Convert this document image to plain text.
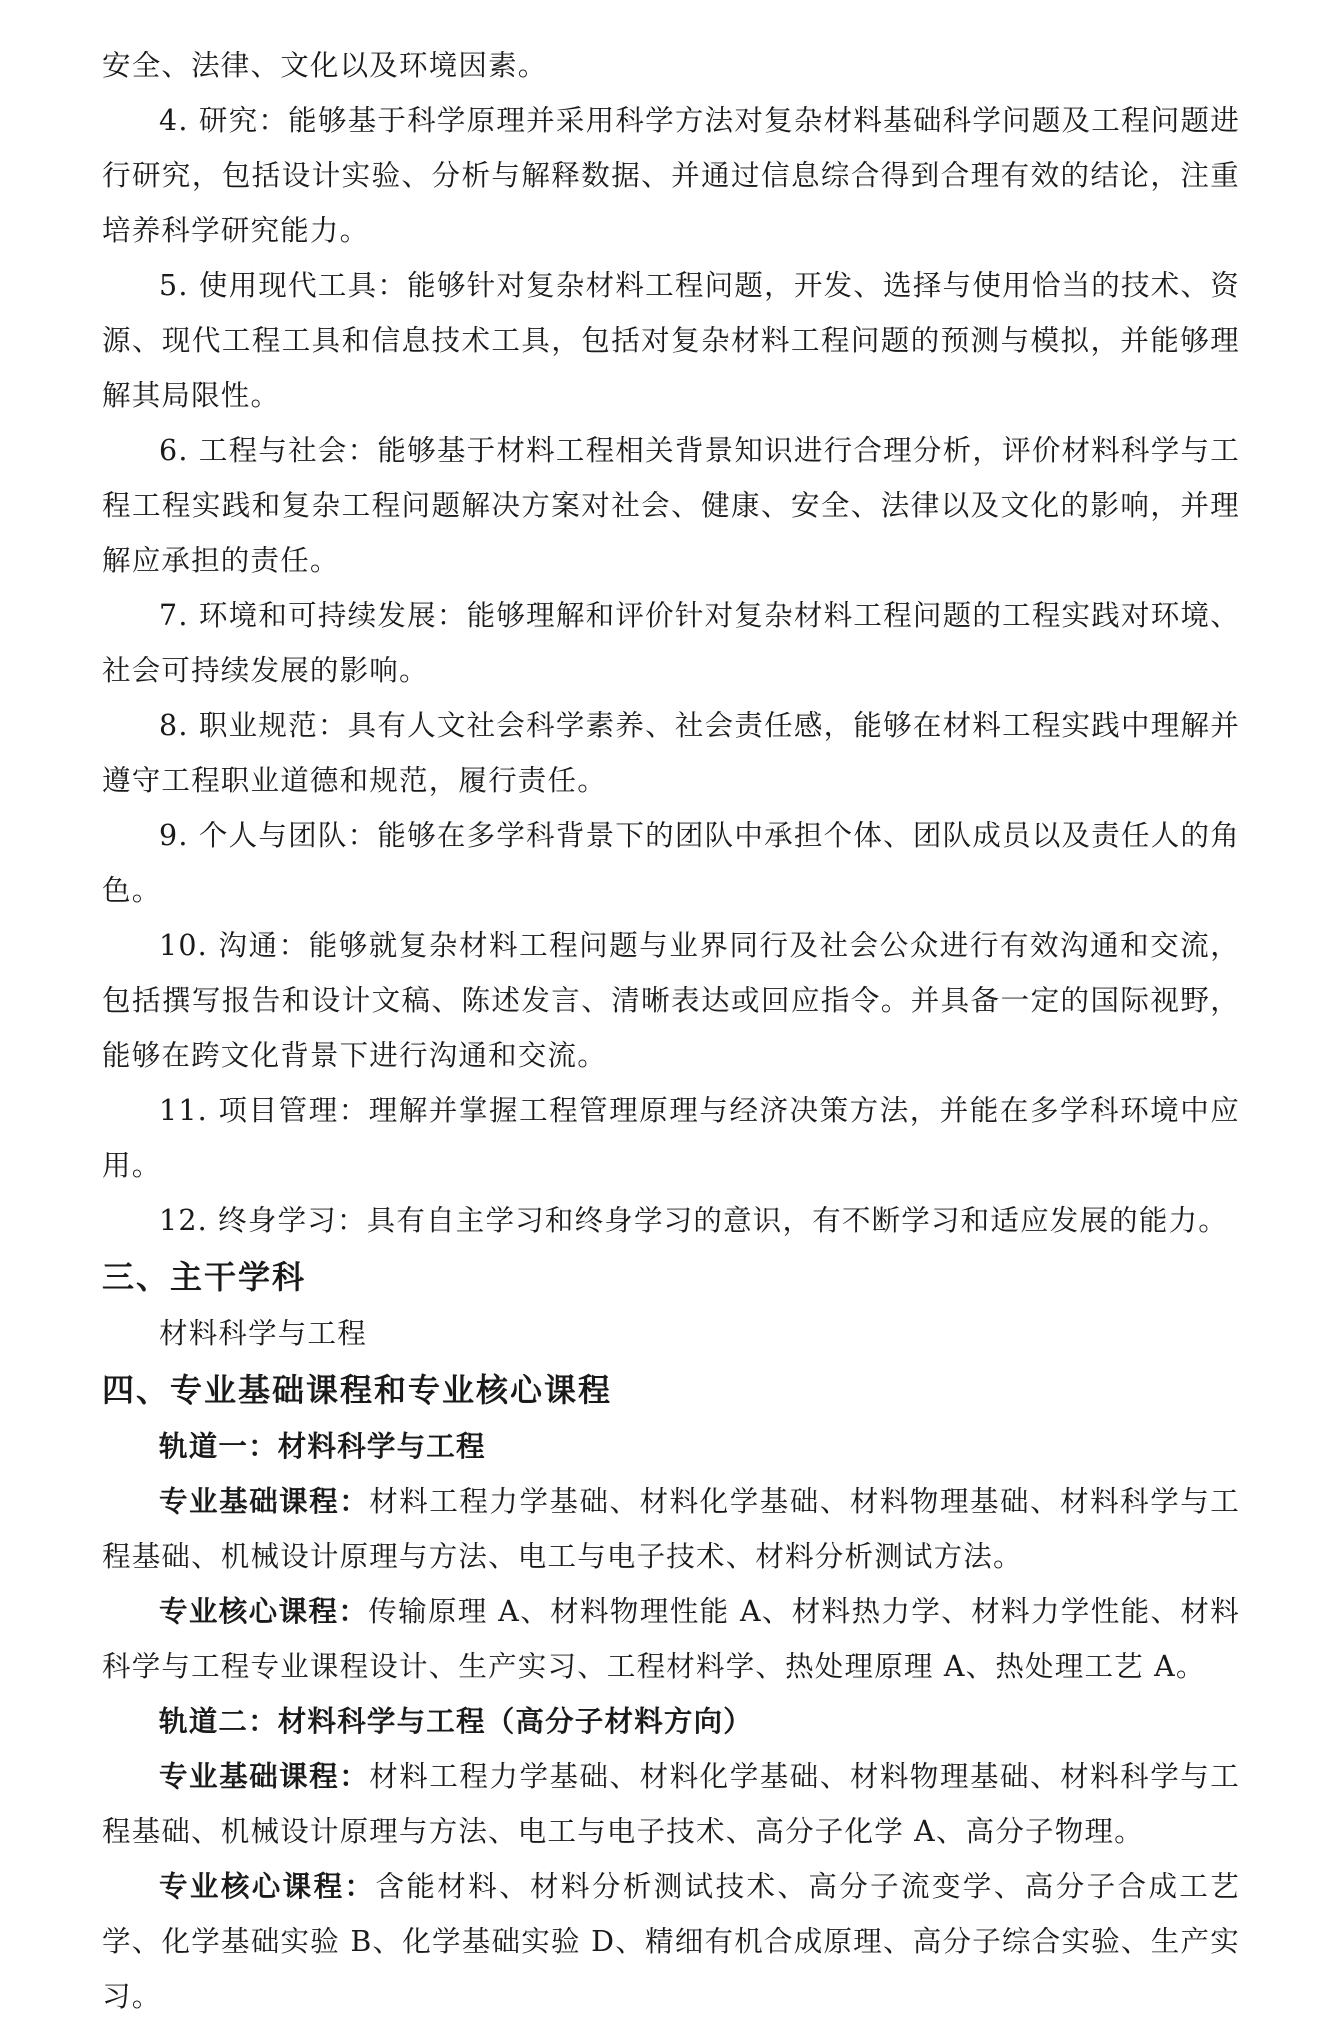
安全、法律、文化以及环境因素。

4. 研究：能够基于科学原理并采用科学方法对复杂材料基础科学问题及工程问题进行研究，包括设计实验、分析与解释数据、并通过信息综合得到合理有效的结论，注重培养科学研究能力。

5. 使用现代工具：能够针对复杂材料工程问题，开发、选择与使用恰当的技术、资源、现代工程工具和信息技术工具，包括对复杂材料工程问题的预测与模拟，并能够理解其局限性。

6. 工程与社会：能够基于材料工程相关背景知识进行合理分析，评价材料科学与工程工程实践和复杂工程问题解决方案对社会、健康、安全、法律以及文化的影响，并理解应承担的责任。

7. 环境和可持续发展：能够理解和评价针对复杂材料工程问题的工程实践对环境、社会可持续发展的影响。

8. 职业规范：具有人文社会科学素养、社会责任感，能够在材料工程实践中理解并遵守工程职业道德和规范，履行责任。

9. 个人与团队：能够在多学科背景下的团队中承担个体、团队成员以及责任人的角色。

10. 沟通：能够就复杂材料工程问题与业界同行及社会公众进行有效沟通和交流，包括撰写报告和设计文稿、陈述发言、清晰表达或回应指令。并具备一定的国际视野，能够在跨文化背景下进行沟通和交流。

11. 项目管理：理解并掌握工程管理原理与经济决策方法，并能在多学科环境中应用。

12. 终身学习：具有自主学习和终身学习的意识，有不断学习和适应发展的能力。

三、主干学科

材料科学与工程

四、专业基础课程和专业核心课程

轨道一：材料科学与工程

专业基础课程：材料工程力学基础、材料化学基础、材料物理基础、材料科学与工程基础、机械设计原理与方法、电工与电子技术、材料分析测试方法。

专业核心课程：传输原理 A、材料物理性能 A、材料热力学、材料力学性能、材料科学与工程专业课程设计、生产实习、工程材料学、热处理原理 A、热处理工艺 A。

轨道二：材料科学与工程（高分子材料方向）

专业基础课程：材料工程力学基础、材料化学基础、材料物理基础、材料科学与工程基础、机械设计原理与方法、电工与电子技术、高分子化学 A、高分子物理。

专业核心课程：含能材料、材料分析测试技术、高分子流变学、高分子合成工艺学、化学基础实验 B、化学基础实验 D、精细有机合成原理、高分子综合实验、生产实习。
